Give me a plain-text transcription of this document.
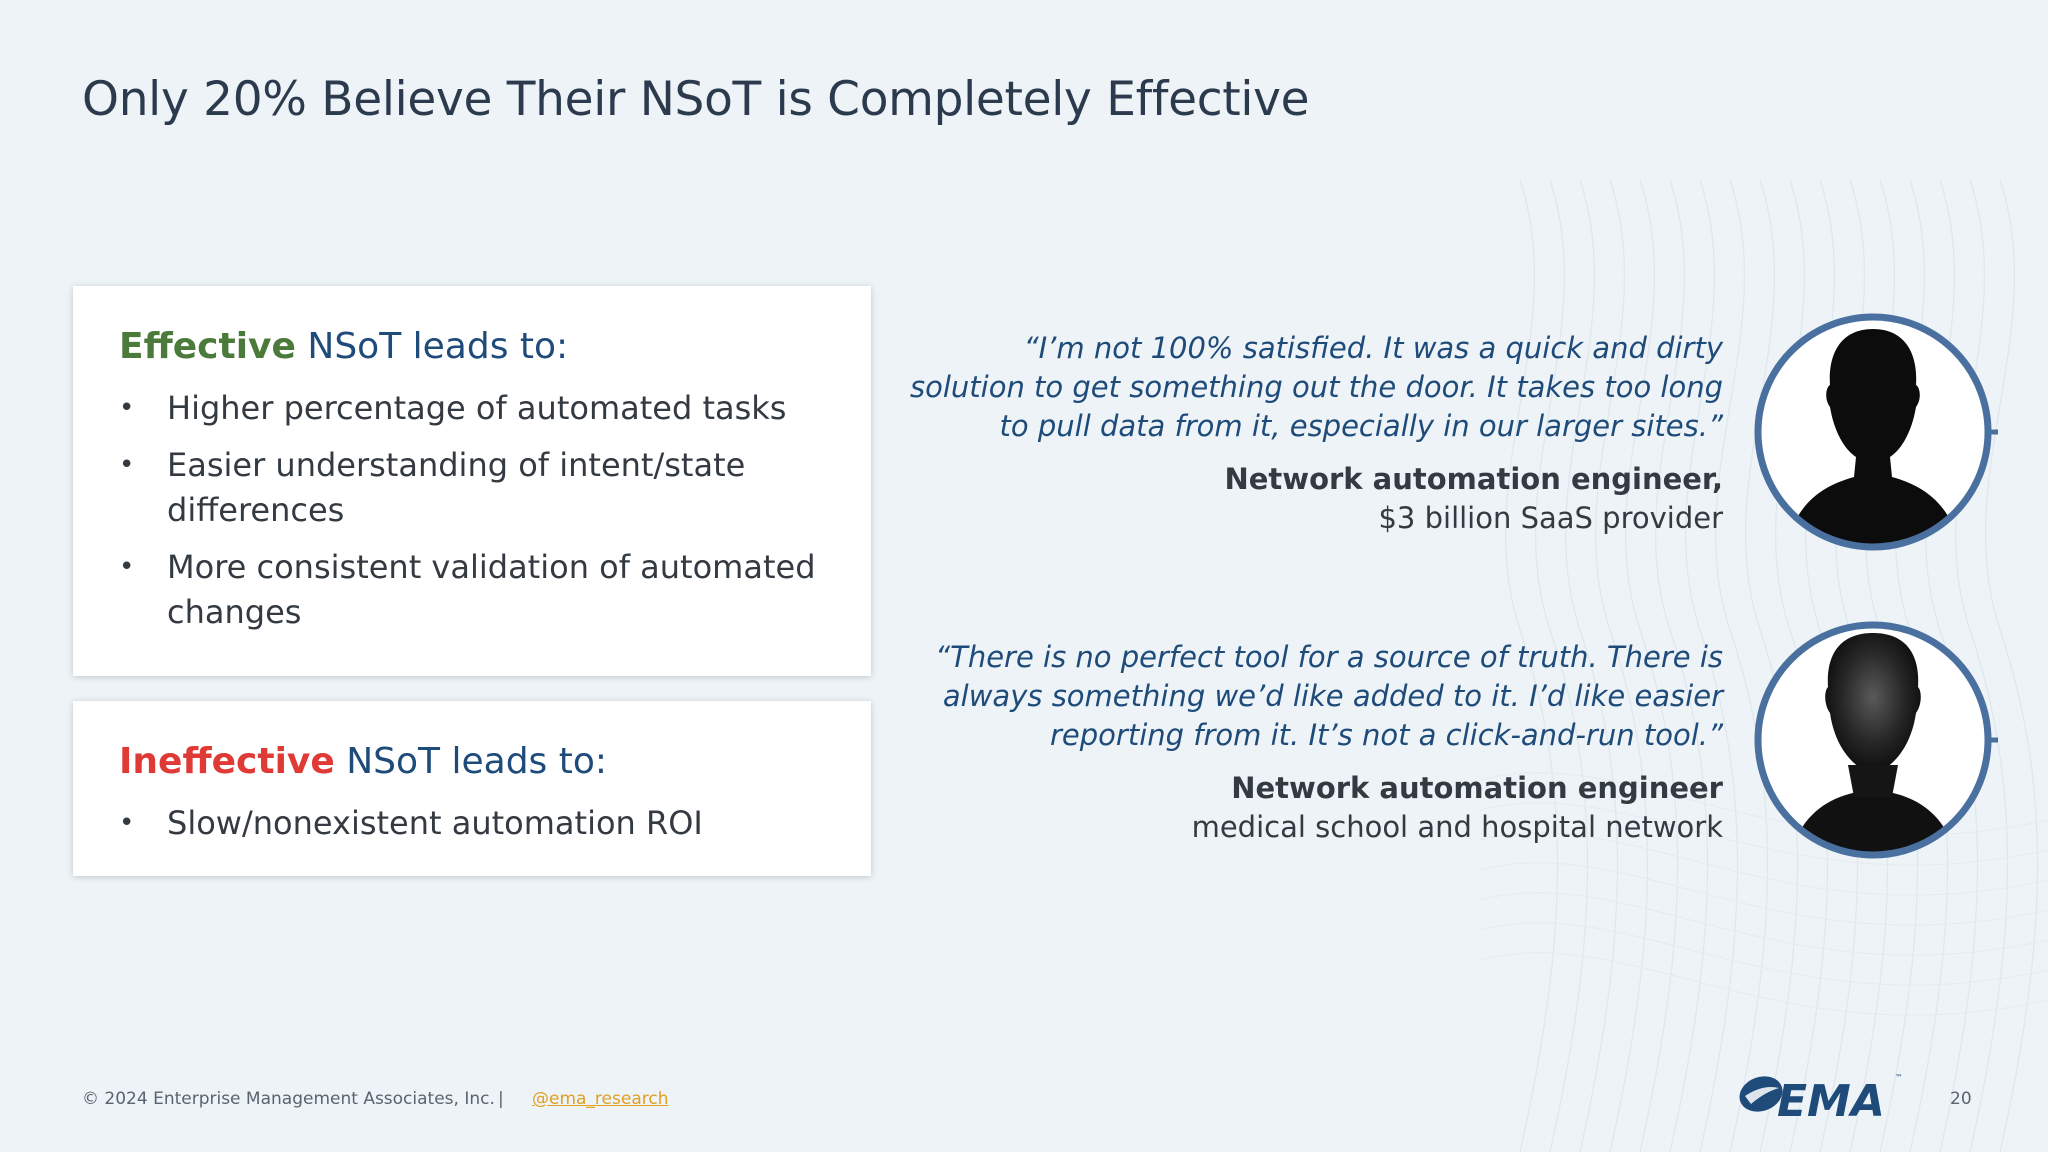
Only 20% Believe Their NSoT is Completely Effective
Effective NSoT leads to:
• Higher percentage of automated tasks
• Easier understanding of intent/state differences
• More consistent validation of automated changes
Ineffective NSoT leads to:
• Slow/nonexistent automation ROI

“I’m not 100% satisfied. It was a quick and dirty solution to get something out the door. It takes too long to pull data from it, especially in our larger sites.”

Network automation engineer,

$3 billion SaaS provider

“There is no perfect tool for a source of truth. There is always something we’d like added to it. I’d like easier reporting from it. It’s not a click-and-run tool.”

Network automation engineer

medical school and hospital network

© 2024 Enterprise Management Associates, Inc. | @ema_research	EMA ™
20
